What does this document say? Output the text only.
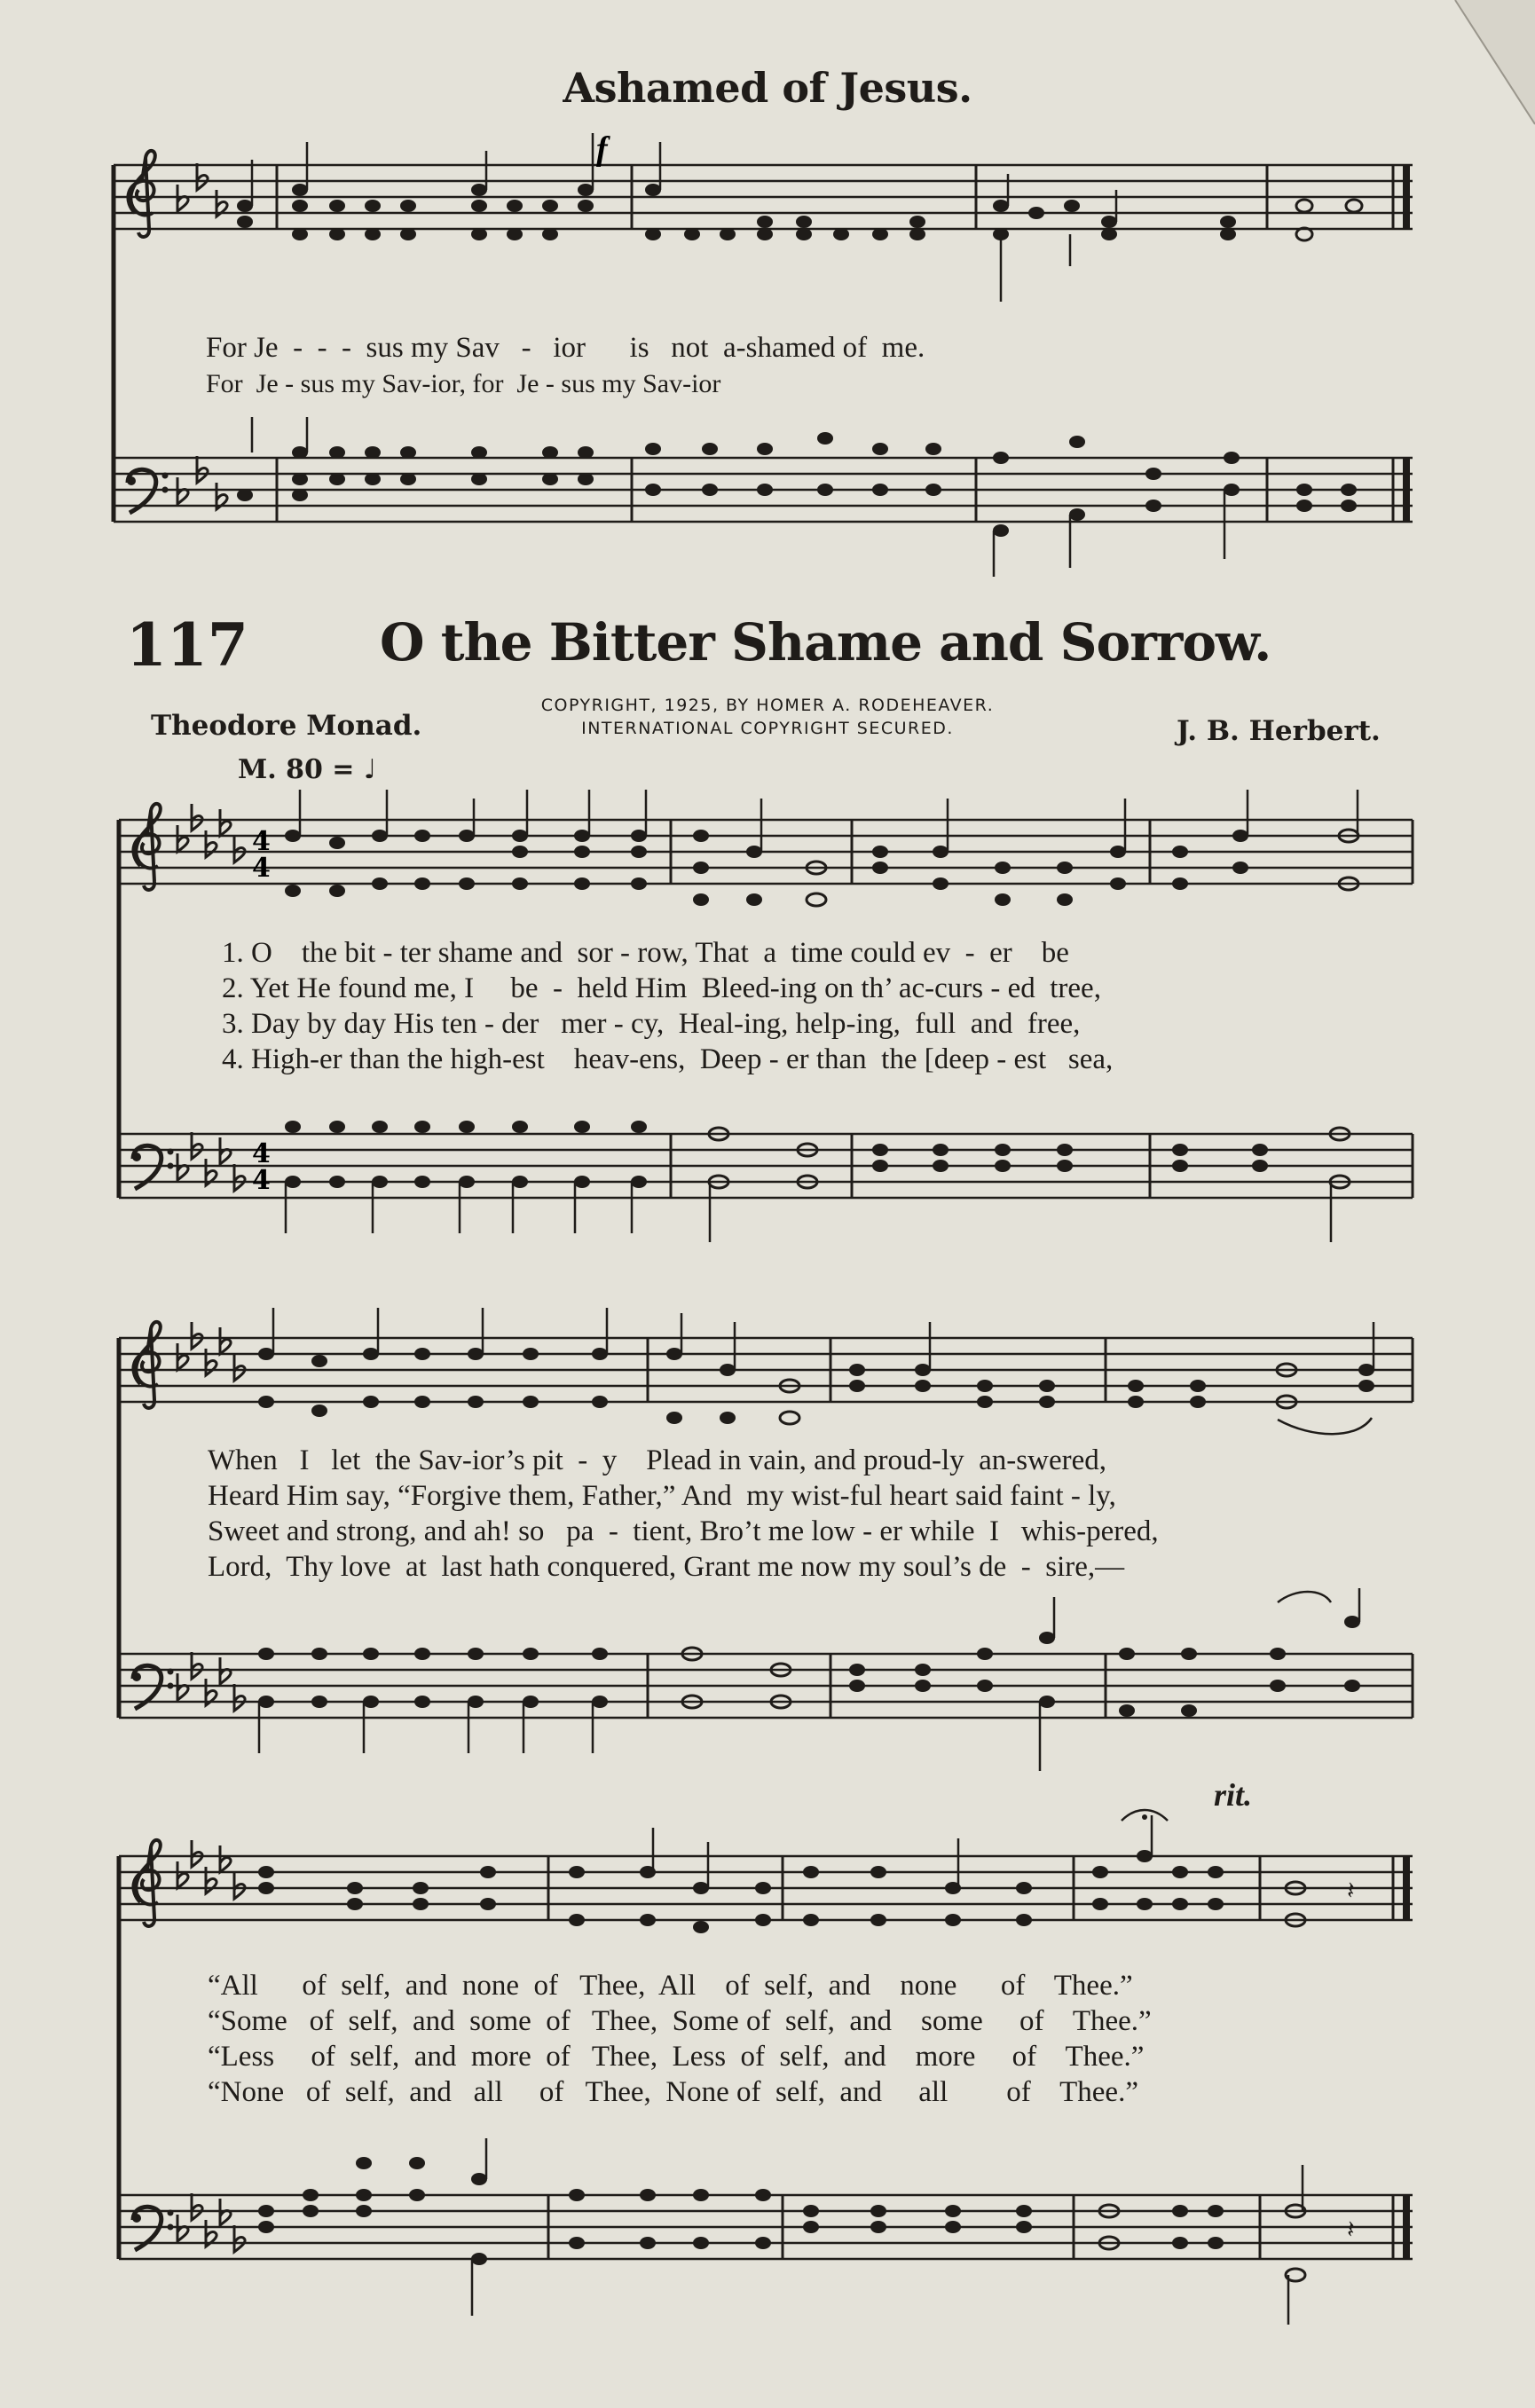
Ashamed of Jesus.
f
4
4
4
4
𝄽
𝄽
For Je  -  -  -  sus my Sav   -   ior      is   not  a-shamed of  me.
For  Je - sus my Sav-ior, for  Je - sus my Sav-ior
117	O the Bitter Shame and Sorrow.
Theodore Monad.
COPYRIGHT, 1925, BY HOMER A. RODEHEAVER.
INTERNATIONAL COPYRIGHT SECURED.	J. B. Herbert.
M. 80 = ♩
1. O    the bit - ter shame and  sor - row, That  a  time could ev  -  er    be
2. Yet He found me, I     be  -  held Him  Bleed-ing on th’ ac-curs - ed  tree,
3. Day by day His ten - der   mer - cy,  Heal-ing, help-ing,  full  and  free,
4. High-er than the high-est    heav-ens,  Deep - er than  the [deep - est   sea,
When   I   let  the Sav-ior’s pit  -  y    Plead in vain, and proud-ly  an-swered,
Heard Him say, “Forgive them, Father,” And  my wist-ful heart said faint - ly,
Sweet and strong, and ah! so   pa  -  tient, Bro’t me low - er while  I   whis-pered,
Lord,  Thy love  at  last hath conquered, Grant me now my soul’s de  -  sire,—
rit.
“All      of  self,  and  none  of   Thee,  All    of  self,  and    none      of    Thee.”
“Some   of  self,  and  some  of   Thee,  Some of  self,  and    some     of    Thee.”
“Less     of  self,  and  more  of   Thee,  Less  of  self,  and    more     of    Thee.”
“None   of  self,  and   all     of   Thee,  None of  self,  and     all        of    Thee.”
